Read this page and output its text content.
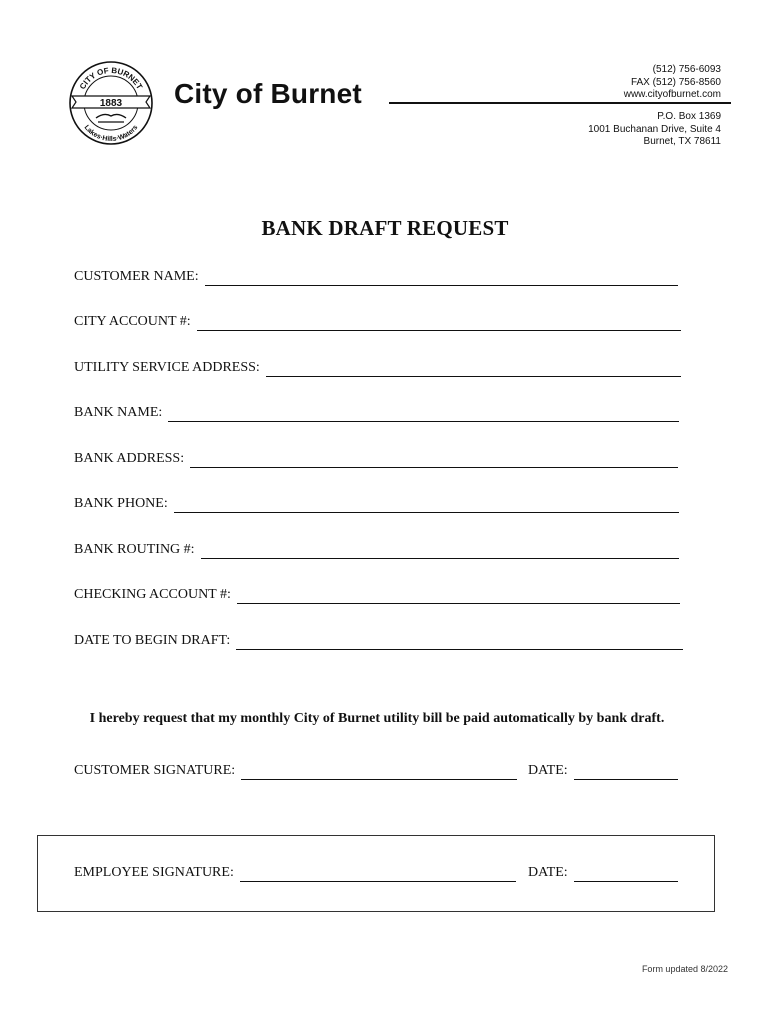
CITY OF BURNET
Lakes·Hills·Waters
1883 City of Burnet
(512) 756-6093
FAX (512) 756-8560
www.cityofburnet.com
P.O. Box 1369
1001 Buchanan Drive, Suite 4
Burnet, TX 78611
BANK DRAFT REQUEST
CUSTOMER NAME:
CITY ACCOUNT #:
UTILITY SERVICE ADDRESS:
BANK NAME:
BANK ADDRESS:
BANK PHONE:
BANK ROUTING #:
CHECKING ACCOUNT #:
DATE TO BEGIN DRAFT:
I hereby request that my monthly City of Burnet utility bill be paid automatically by bank draft.
CUSTOMER SIGNATURE:	DATE:
EMPLOYEE SIGNATURE:	DATE:
Form updated 8/2022
